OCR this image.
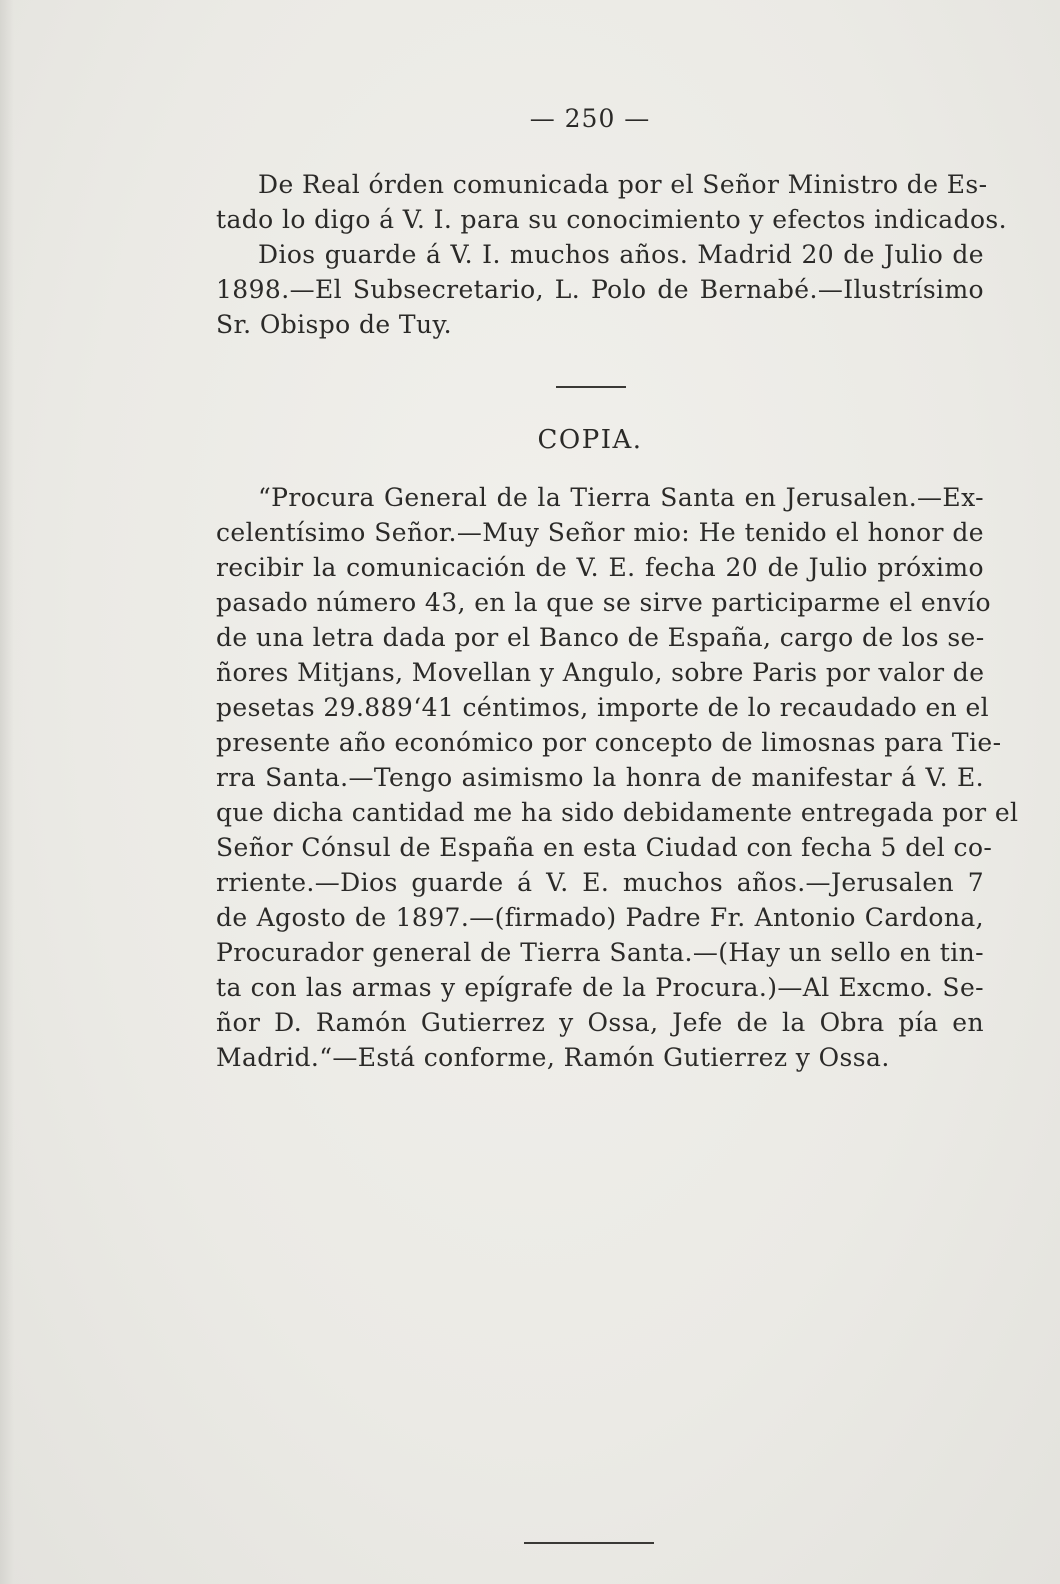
— 250 —
De Real órden comunicada por el Señor Ministro de Es-
tado lo digo á V. I. para su conocimiento y efectos indicados.
Dios guarde á V. I. muchos años. Madrid 20 de Julio de
1898.—El Subsecretario, L. Polo de Bernabé.—Ilustrísimo
Sr. Obispo de Tuy.
COPIA.
“Procura General de la Tierra Santa en Jerusalen.—Ex-
celentísimo Señor.—Muy Señor mio: He tenido el honor de
recibir la comunicación de V. E. fecha 20 de Julio próximo
pasado número 43, en la que se sirve participarme el envío
de una letra dada por el Banco de España, cargo de los se-
ñores Mitjans, Movellan y Angulo, sobre Paris por valor de
pesetas 29.889‘41 céntimos, importe de lo recaudado en el
presente año económico por concepto de limosnas para Tie-
rra Santa.—Tengo asimismo la honra de manifestar á V. E.
que dicha cantidad me ha sido debidamente entregada por el
Señor Cónsul de España en esta Ciudad con fecha 5 del co-
rriente.—Dios guarde á V. E. muchos años.—Jerusalen 7
de Agosto de 1897.—(firmado) Padre Fr. Antonio Cardona,
Procurador general de Tierra Santa.—(Hay un sello en tin-
ta con las armas y epígrafe de la Procura.)—Al Excmo. Se-
ñor D. Ramón Gutierrez y Ossa, Jefe de la Obra pía en
Madrid.“—Está conforme, Ramón Gutierrez y Ossa.
